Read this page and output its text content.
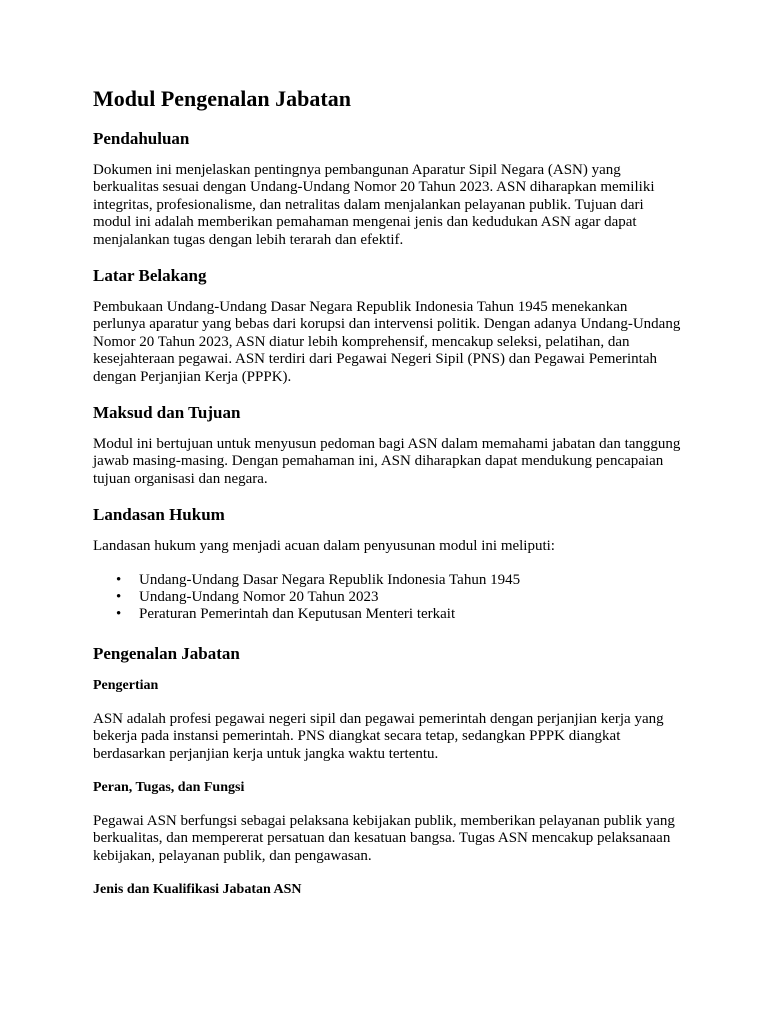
Modul Pengenalan Jabatan
Pendahuluan

Dokumen ini menjelaskan pentingnya pembangunan Aparatur Sipil Negara (ASN) yang berkualitas sesuai dengan Undang-Undang Nomor 20 Tahun 2023. ASN diharapkan memiliki integritas, profesionalisme, dan netralitas dalam menjalankan pelayanan publik. Tujuan dari modul ini adalah memberikan pemahaman mengenai jenis dan kedudukan ASN agar dapat menjalankan tugas dengan lebih terarah dan efektif.

Latar Belakang

Pembukaan Undang-Undang Dasar Negara Republik Indonesia Tahun 1945 menekankan perlunya aparatur yang bebas dari korupsi dan intervensi politik. Dengan adanya Undang-Undang Nomor 20 Tahun 2023, ASN diatur lebih komprehensif, mencakup seleksi, pelatihan, dan kesejahteraan pegawai. ASN terdiri dari Pegawai Negeri Sipil (PNS) dan Pegawai Pemerintah dengan Perjanjian Kerja (PPPK).

Maksud dan Tujuan

Modul ini bertujuan untuk menyusun pedoman bagi ASN dalam memahami jabatan dan tanggung jawab masing-masing. Dengan pemahaman ini, ASN diharapkan dapat mendukung pencapaian tujuan organisasi dan negara.

Landasan Hukum

Landasan hukum yang menjadi acuan dalam penyusunan modul ini meliputi:

• Undang-Undang Dasar Negara Republik Indonesia Tahun 1945
• Undang-Undang Nomor 20 Tahun 2023
• Peraturan Pemerintah dan Keputusan Menteri terkait
Pengenalan Jabatan
Pengertian

ASN adalah profesi pegawai negeri sipil dan pegawai pemerintah dengan perjanjian kerja yang bekerja pada instansi pemerintah. PNS diangkat secara tetap, sedangkan PPPK diangkat berdasarkan perjanjian kerja untuk jangka waktu tertentu.

Peran, Tugas, dan Fungsi

Pegawai ASN berfungsi sebagai pelaksana kebijakan publik, memberikan pelayanan publik yang berkualitas, dan mempererat persatuan dan kesatuan bangsa. Tugas ASN mencakup pelaksanaan kebijakan, pelayanan publik, dan pengawasan.

Jenis dan Kualifikasi Jabatan ASN
